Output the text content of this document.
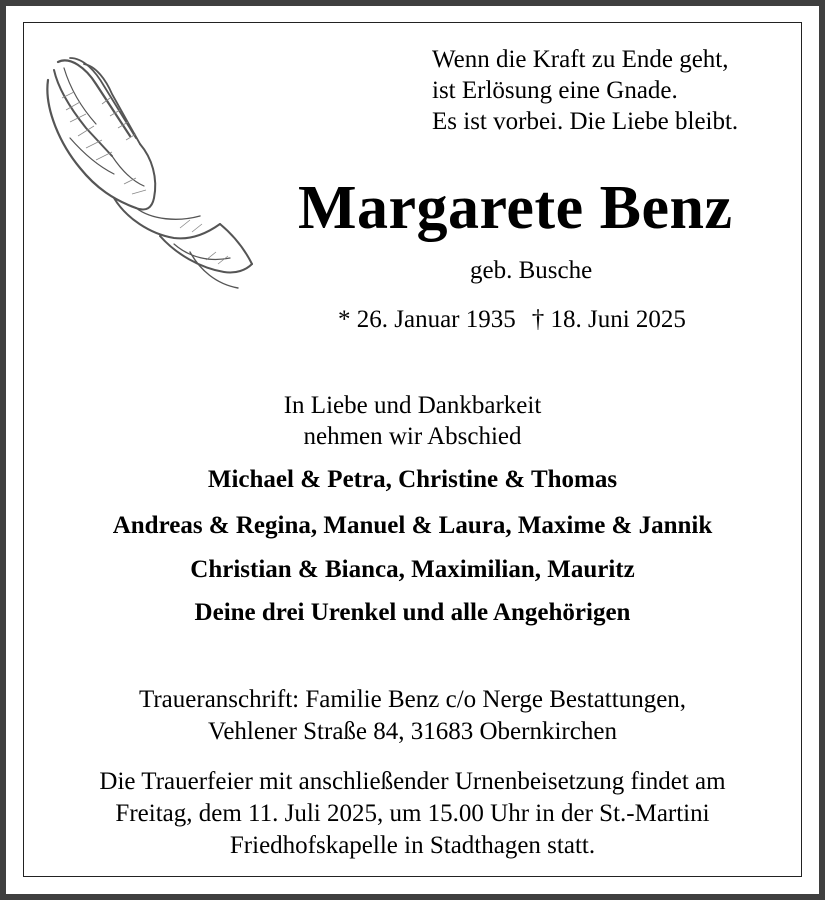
Wenn die Kraft zu Ende geht,
ist Erlösung eine Gnade.
Es ist vorbei. Die Liebe bleibt.
Margarete Benz
geb. Busche
* 26. Januar 1935 † 18. Juni 2025
In Liebe und Dankbarkeit
nehmen wir Abschied
Michael & Petra, Christine & Thomas
Andreas & Regina, Manuel & Laura, Maxime & Jannik
Christian & Bianca, Maximilian, Mauritz
Deine drei Urenkel und alle Angehörigen
Traueranschrift: Familie Benz c/o Nerge Bestattungen,
Vehlener Straße 84, 31683 Obernkirchen
Die Trauerfeier mit anschließender Urnenbeisetzung findet am
Freitag, dem 11. Juli 2025, um 15.00 Uhr in der St.-Martini
Friedhofskapelle in Stadthagen statt.
